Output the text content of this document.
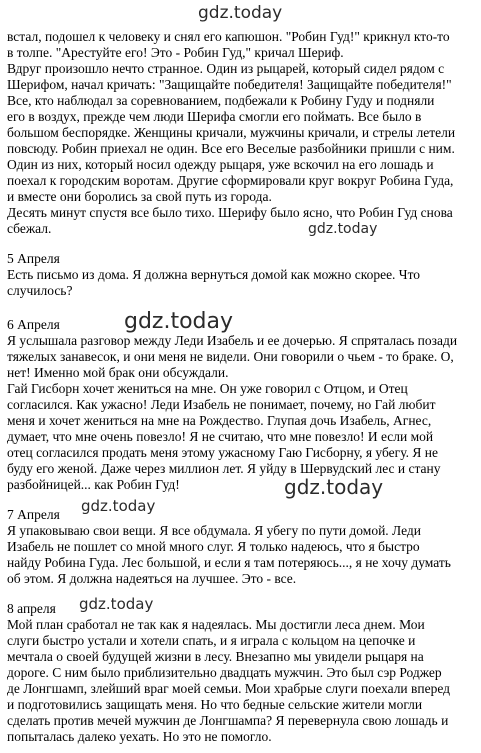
gdz.today
встал, подошел к человеку и снял его капюшон. "Робин Гуд!" крикнул кто-то
в толпе. "Арестуйте его! Это - Робин Гуд," кричал Шериф.
Вдруг произошло нечто странное. Один из рыцарей, который сидел рядом с
Шерифом, начал кричать: "Защищайте победителя! Защищайте победителя!"
Все, кто наблюдал за соревнованием, подбежали к Робину Гуду и подняли
его в воздух, прежде чем люди Шерифа смогли его поймать. Все было в
большом беспорядке. Женщины кричали, мужчины кричали, и стрелы летели
повсюду. Робин приехал не один. Все его Веселые разбойники пришли с ним.
Один из них, который носил одежду рыцаря, уже вскочил на его лошадь и
поехал к городским воротам. Другие сформировали круг вокруг Робина Гуда,
и вместе они боролись за свой путь из города.
Десять минут спустя все было тихо. Шерифу было ясно, что Робин Гуд снова
сбежал.	gdz.today
5 Апреля
Есть письмо из дома. Я должна вернуться домой как можно скорее. Что
случилось?
6 Апреля
Я услышала разговор между Леди Изабель и ее дочерью. Я спряталась позади
тяжелых занавесок, и они меня не видели. Они говорили о чьем - то браке. О,
нет! Именно мой брак они обсуждали.
Гай Гисборн хочет жениться на мне. Он уже говорил с Отцом, и Отец
согласился. Как ужасно! Леди Изабель не понимает, почему, но Гай любит
меня и хочет жениться на мне на Рождество. Глупая дочь Изабель, Агнес,
думает, что мне очень повезло! Я не считаю, что мне повезло! И если мой
отец согласился продать меня этому ужасному Гаю Гисборну, я убегу. Я не
буду его женой. Даже через миллион лет. Я уйду в Шервудский лес и стану
разбойницей... как Робин Гуд!
gdz.today
gdz.today
7 Апреля
Я упаковываю свои вещи. Я все обдумала. Я убегу по пути домой. Леди
Изабель не пошлет со мной много слуг. Я только надеюсь, что я быстро
найду Робина Гуда. Лес большой, и если я там потеряюсь..., я не хочу думать
об этом. Я должна надеяться на лучшее. Это - все.
gdz.today
8 апреля
Мой план сработал не так как я надеялась. Мы достигли леса днем. Мои
слуги быстро устали и хотели спать, и я играла с кольцом на цепочке и
мечтала о своей будущей жизни в лесу. Внезапно мы увидели рыцаря на
дороге. С ним было приблизительно двадцать мужчин. Это был сэр Роджер
де Лонгшамп, злейший враг моей семьи. Мои храбрые слуги поехали вперед
и подготовились защищать меня. Но что бедные сельские жители могли
сделать против мечей мужчин де Лонгшампа? Я перевернула свою лошадь и
попыталась далеко уехать. Но это не помогло.
gdz.today
